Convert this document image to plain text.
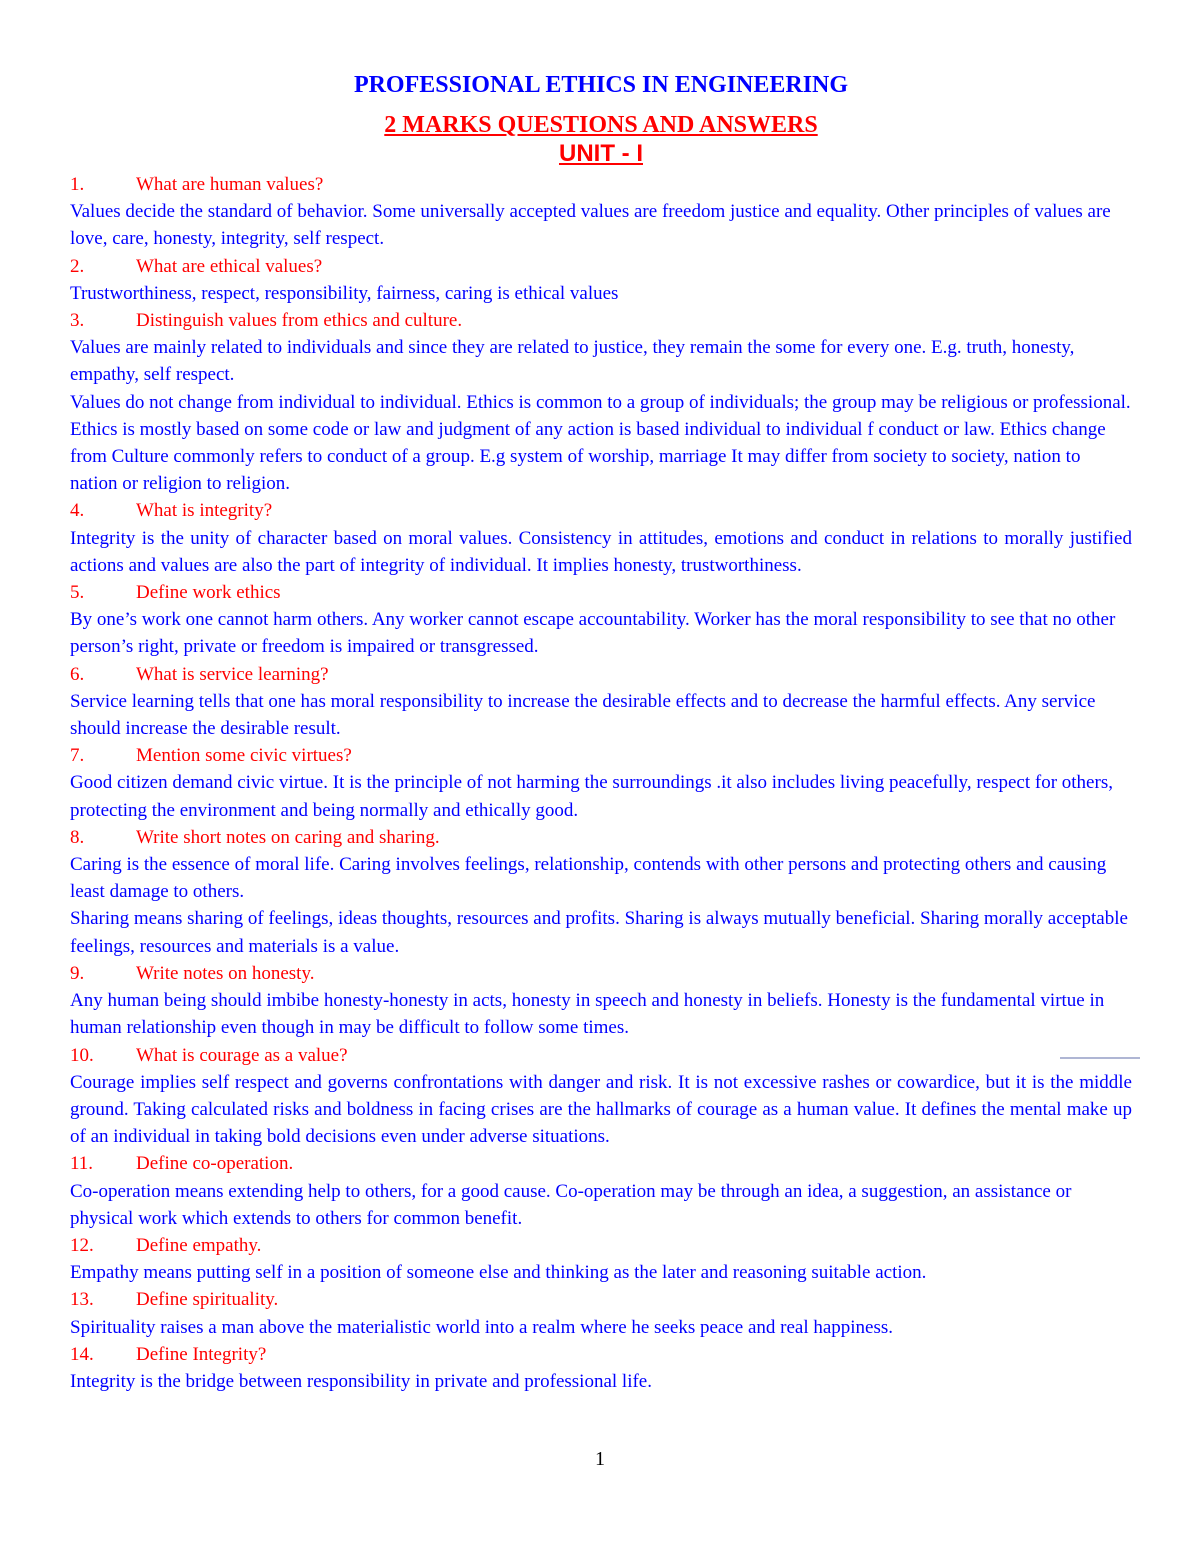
PROFESSIONAL ETHICS IN ENGINEERING
2 MARKS QUESTIONS AND ANSWERS
UNIT - I
1.	What are human values?

Values decide the standard of behavior. Some universally accepted values are freedom justice and equality. Other principles of values are love, care, honesty, integrity, self respect.

2.	What are ethical values?

Trustworthiness, respect, responsibility, fairness, caring is ethical values

3.	Distinguish values from ethics and culture.

Values are mainly related to individuals and since they are related to justice, they remain the some for every one. E.g. truth, honesty, empathy, self respect.

Values do not change from individual to individual. Ethics is common to a group of individuals; the group may be religious or professional. Ethics is mostly based on some code or law and judgment of any action is based individual to individual f conduct or law. Ethics change from Culture commonly refers to conduct of a group. E.g system of worship, marriage It may differ from society to society, nation to nation or religion to religion.

4.	What is integrity?

Integrity is the unity of character based on moral values. Consistency in attitudes, emotions and conduct in relations to morally justified actions and values are also the part of integrity of individual. It implies honesty, trustworthiness.

5.	Define work ethics

By one’s work one cannot harm others. Any worker cannot escape accountability. Worker has the moral responsibility to see that no other person’s right, private or freedom is impaired or transgressed.

6.	What is service learning?

Service learning tells that one has moral responsibility to increase the desirable effects and to decrease the harmful effects. Any service should increase the desirable result.

7.	Mention some civic virtues?

Good citizen demand civic virtue. It is the principle of not harming the surroundings .it also includes living peacefully, respect for others, protecting the environment and being normally and ethically good.

8.	Write short notes on caring and sharing.

Caring is the essence of moral life. Caring involves feelings, relationship, contends with other persons and protecting others and causing least damage to others.

Sharing means sharing of feelings, ideas thoughts, resources and profits. Sharing is always mutually beneficial. Sharing morally acceptable feelings, resources and materials is a value.

9.	Write notes on honesty.

Any human being should imbibe honesty-honesty in acts, honesty in speech and honesty in beliefs. Honesty is the fundamental virtue in human relationship even though in may be difficult to follow some times.

10.	What is courage as a value?

Courage implies self respect and governs confrontations with danger and risk. It is not excessive rashes or cowardice, but it is the middle ground. Taking calculated risks and boldness in facing crises are the hallmarks of courage as a human value. It defines the mental make up of an individual in taking bold decisions even under adverse situations.

11.	Define co-operation.

Co-operation means extending help to others, for a good cause. Co-operation may be through an idea, a suggestion, an assistance or physical work which extends to others for common benefit.

12.	Define empathy.

Empathy means putting self in a position of someone else and thinking as the later and reasoning suitable action.

13.	Define spirituality.

Spirituality raises a man above the materialistic world into a realm where he seeks peace and real happiness.

14.	Define Integrity?

Integrity is the bridge between responsibility in private and professional life.

1
